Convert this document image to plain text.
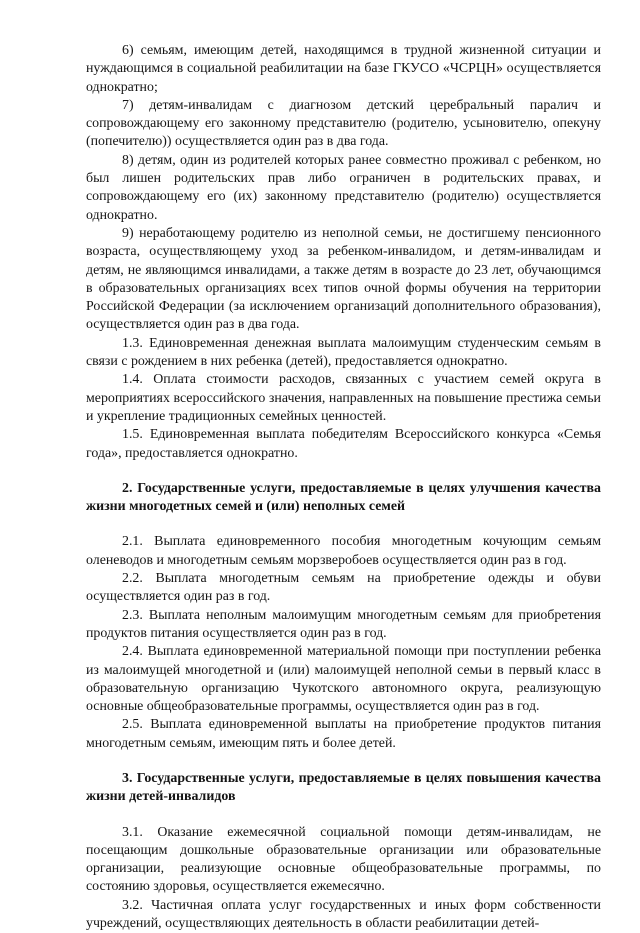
6) семьям, имеющим детей, находящимся в трудной жизненной ситуации и нуждающимся в социальной реабилитации на базе ГКУСО «ЧСРЦН» осуществляется однократно;

7) детям-инвалидам с диагнозом детский церебральный паралич и сопровождающему его законному представителю (родителю, усыновителю, опекуну (попечителю)) осуществляется один раз в два года.

8) детям, один из родителей которых ранее совместно проживал с ребенком, но был лишен родительских прав либо ограничен в родительских правах, и сопровождающему его (их) законному представителю (родителю) осуществляется однократно.

9) неработающему родителю из неполной семьи, не достигшему пенсионного возраста, осуществляющему уход за ребенком-инвалидом, и детям-инвалидам и детям, не являющимся инвалидами, а также детям в возрасте до 23 лет, обучающимся в образовательных организациях всех типов очной формы обучения на территории Российской Федерации (за исключением организаций дополнительного образования), осуществляется один раз в два года.

1.3. Единовременная денежная выплата малоимущим студенческим семьям в связи с рождением в них ребенка (детей), предоставляется однократно.

1.4. Оплата стоимости расходов, связанных с участием семей округа в мероприятиях всероссийского значения, направленных на повышение престижа семьи и укрепление традиционных семейных ценностей.

1.5. Единовременная выплата победителям Всероссийского конкурса «Семья года», предоставляется однократно.

2. Государственные услуги, предоставляемые в целях улучшения качества жизни многодетных семей и (или) неполных семей

2.1. Выплата единовременного пособия многодетным кочующим семьям оленеводов и многодетным семьям морзверобоев осуществляется один раз в год.

2.2. Выплата многодетным семьям на приобретение одежды и обуви осуществляется один раз в год.

2.3. Выплата неполным малоимущим многодетным семьям для приобретения продуктов питания осуществляется один раз в год.

2.4. Выплата единовременной материальной помощи при поступлении ребенка из малоимущей многодетной и (или) малоимущей неполной семьи в первый класс в образовательную организацию Чукотского автономного округа, реализующую основные общеобразовательные программы, осуществляется один раз в год.

2.5. Выплата единовременной выплаты на приобретение продуктов питания многодетным семьям, имеющим пять и более детей.

3. Государственные услуги, предоставляемые в целях повышения качества жизни детей-инвалидов

3.1. Оказание ежемесячной социальной помощи детям-инвалидам, не посещающим дошкольные образовательные организации или образовательные организации, реализующие основные общеобразовательные программы, по состоянию здоровья, осуществляется ежемесячно.

3.2. Частичная оплата услуг государственных и иных форм собственности учреждений, осуществляющих деятельность в области реабилитации детей-
